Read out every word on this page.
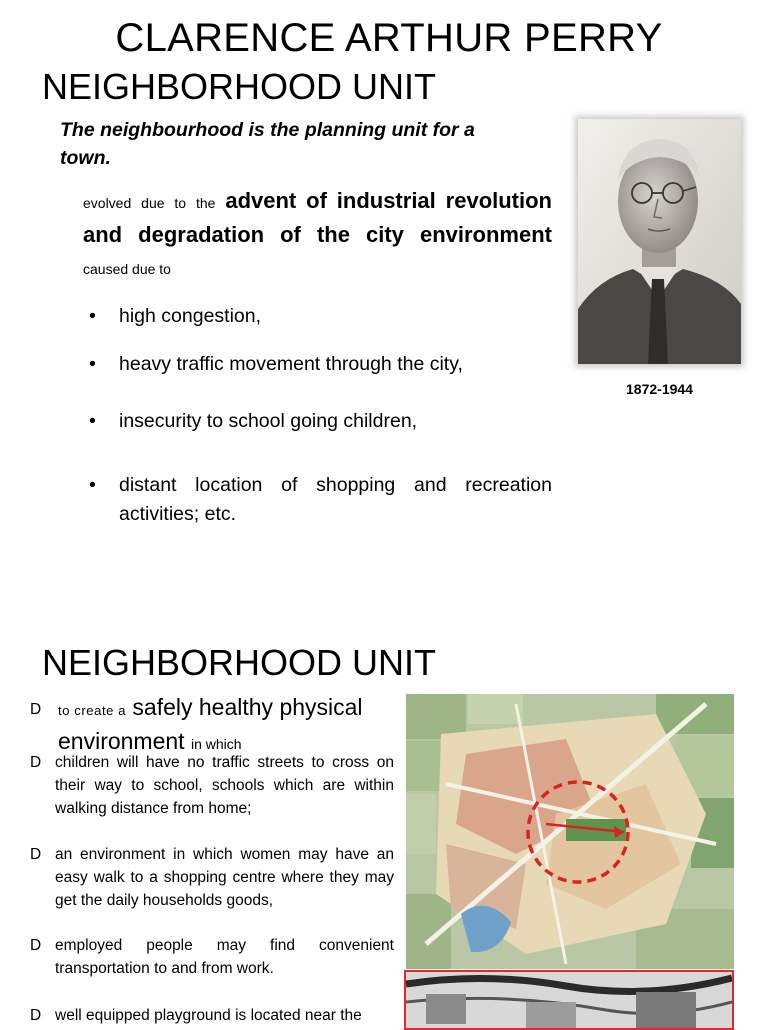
CLARENCE ARTHUR PERRY
NEIGHBORHOOD UNIT
The neighbourhood is the planning unit for a town.
evolved due to the advent of industrial revolution and degradation of the city environment caused due to
•	high congestion,
•	heavy traffic movement through the city,
•	insecurity to school going children,
•	distant location of shopping and recreation activities; etc.
1872-1944
NEIGHBORHOOD UNIT
D to create a safely healthy physical environment in which
D children will have no traffic streets to cross on their way to school, schools which are within walking distance from home;
D an environment in which women may have an easy walk to a shopping centre where they may get the daily households goods,
D employed people may find convenient transportation to and from work.
D well equipped playground is located near the
